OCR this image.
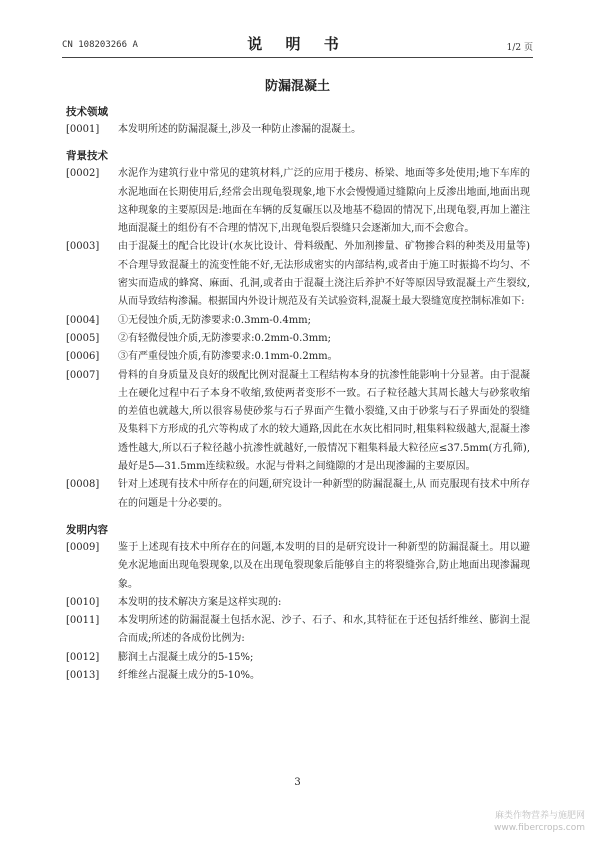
CN 108203266 A	说 明 书	1/2 页
防漏混凝土
技术领域
[0001]	本发明所述的防漏混凝土,涉及一种防止渗漏的混凝土。
背景技术
[0002]	水泥作为建筑行业中常见的建筑材料,广泛的应用于楼房、桥梁、地面等多处使用;地下车库的水泥地面在长期使用后,经常会出现龟裂现象,地下水会慢慢通过缝隙向上反渗出地面,地面出现这种现象的主要原因是:地面在车辆的反复碾压以及地基不稳固的情况下,出现龟裂,再加上灌注地面混凝土的组份有不合理的情况下,出现龟裂后裂缝只会逐渐加大,而不会愈合。
[0003]	由于混凝土的配合比设计(水灰比设计、骨料级配、外加剂掺量、矿物掺合料的种类及用量等)不合理导致混凝土的流变性能不好,无法形成密实的内部结构,或者由于施工时振捣不均匀、不密实而造成的蜂窝、麻面、孔洞,或者由于混凝土浇注后养护不好等原因导致混凝土产生裂纹,从而导致结构渗漏。根据国内外设计规范及有关试验资料,混凝土最大裂缝宽度控制标准如下:
[0004]	①无侵蚀介质,无防渗要求:0.3mm-0.4mm;
[0005]	②有轻微侵蚀介质,无防渗要求:0.2mm-0.3mm;
[0006]	③有严重侵蚀介质,有防渗要求:0.1mm-0.2mm。
[0007]	骨料的自身质量及良好的级配比例对混凝土工程结构本身的抗渗性能影响十分显著。由于混凝土在硬化过程中石子本身不收缩,致使两者变形不一致。石子粒径越大其周长越大与砂浆收缩的差值也就越大,所以很容易使砂浆与石子界面产生微小裂缝,又由于砂浆与石子界面处的裂缝及集料下方形成的孔穴等构成了水的较大通路,因此在水灰比相同时,粗集料粒级越大,混凝土渗透性越大,所以石子粒径越小抗渗性就越好,一般情况下粗集料最大粒径应≤37.5mm(方孔筛),最好是5—31.5mm连续粒级。水泥与骨料之间缝隙的才是出现渗漏的主要原因。
[0008]	针对上述现有技术中所存在的问题,研究设计一种新型的防漏混凝土,从 而克服现有技术中所存在的问题是十分必要的。
发明内容
[0009]	鉴于上述现有技术中所存在的问题,本发明的目的是研究设计一种新型的防漏混凝土。用以避免水泥地面出现龟裂现象,以及在出现龟裂现象后能够自主的将裂缝弥合,防止地面出现渗漏现象。
[0010]	本发明的技术解决方案是这样实现的:
[0011]	本发明所述的防漏混凝土包括水泥、沙子、石子、和水,其特征在于还包括纤维丝、膨润土混合而成;所述的各成份比例为:
[0012]	膨润土占混凝土成分的5-15%;
[0013]	纤维丝占混凝土成分的5-10%。
3
麻类作物营养与施肥网
www.fibercrops.com
